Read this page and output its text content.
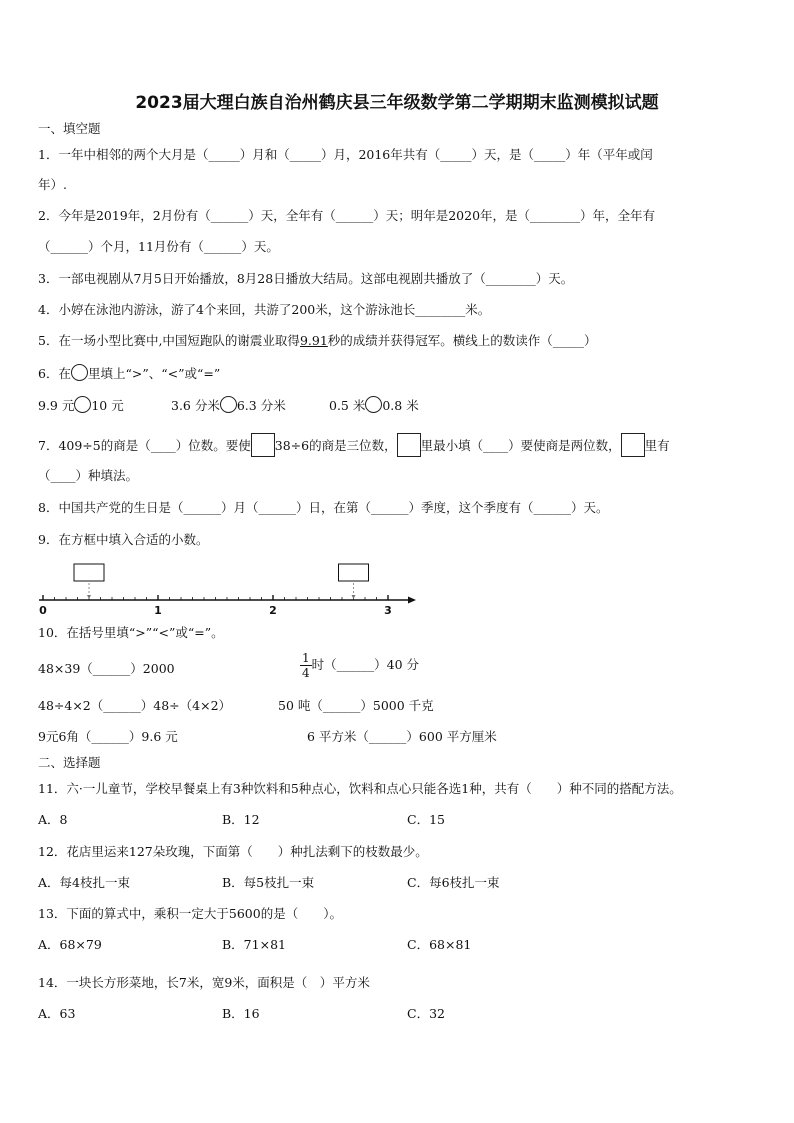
2023届大理白族自治州鹤庆县三年级数学第二学期期末监测模拟试题
一、填空题
1．一年中相邻的两个大月是（_____）月和（_____）月，2016年共有（_____）天，是（_____）年（平年或闰
年）.
2．今年是2019年，2月份有（______）天，全年有（______）天；明年是2020年，是（________）年，全年有
（______）个月，11月份有（______）天。
3．一部电视剧从7月5日开始播放，8月28日播放大结局。这部电视剧共播放了（________）天。
4．小婷在泳池内游泳，游了4个来回，共游了200米，这个游泳池长________米。
5．在一场小型比赛中,中国短跑队的谢震业取得9.91秒的成绩并获得冠军。横线上的数读作（_____）
6．在 里填上“>”、“<”或“=”
9.9 元 10 元	3.6 分米 6.3 分米	0.5 米 0.8 米
7．409÷5的商是（____）位数。要使 38÷6的商是三位数， 里最小填（____）要使商是两位数， 里有
（____）种填法。
8．中国共产党的生日是（______）月（______）日，在第（______）季度，这个季度有（______）天。
9．在方框中填入合适的小数。
0	1	2	3
10．在括号里填“>”“<”或“=”。
48×39（______）2000	$\frac{1}{4}$ 时（______）40 分
48÷4×2（______）48÷（4×2）	50 吨（______）5000 千克
9元6角（______）9.6 元	6 平方米（______）600 平方厘米
二、选择题
11．六·一儿童节，学校早餐桌上有3种饮料和5种点心，饮料和点心只能各选1种，共有（　　）种不同的搭配方法。
A．8	B．12	C．15
12．花店里运来127朵玫瑰，下面第（　　）种扎法剩下的枝数最少。
A．每4枝扎一束	B．每5枝扎一束	C．每6枝扎一束
13．下面的算式中，乘积一定大于5600的是（　　）。
A．68×79	B．71×81	C．68×81
14．一块长方形菜地，长7米，宽9米，面积是（　）平方米
A．63	B．16	C．32
